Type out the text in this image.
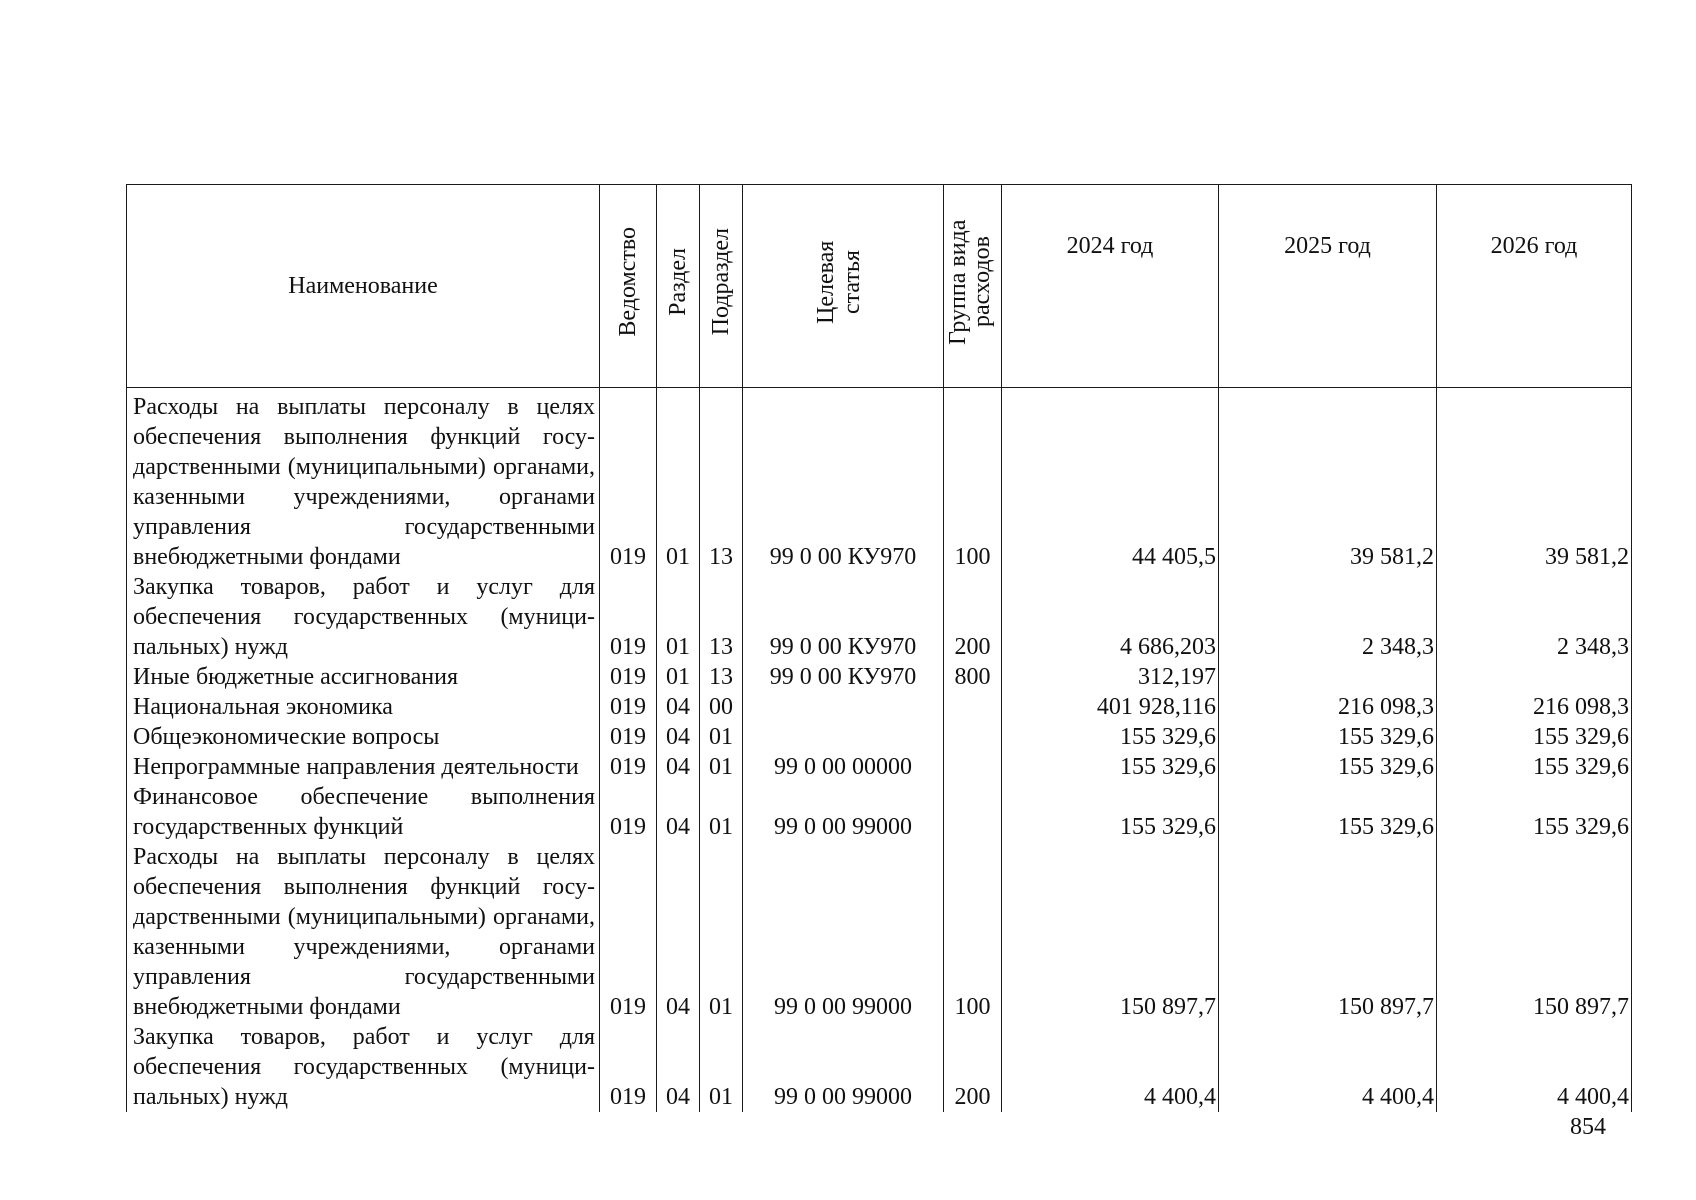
Наименование	Ведомство	Раздел	Подраздел	Целевая статья	Группа вида расходов	2024 год	2025 год	2026 год
Расходы на выплаты персоналу в целях обеспечения выполнения функций государственными (муниципальными) органами, казенными учреждениями, органами управления государственными внебюджетными фондами	019	01	13	99 0 00 КУ970	100	44 405,5	39 581,2	39 581,2
Закупка товаров, работ и услуг для обеспечения государственных (муниципальных) нужд	019	01	13	99 0 00 КУ970	200	4 686,203	2 348,3	2 348,3
Иные бюджетные ассигнования	019	01	13	99 0 00 КУ970	800	312,197		
Национальная экономика	019	04	00			401 928,116	216 098,3	216 098,3
Общеэкономические вопросы	019	04	01			155 329,6	155 329,6	155 329,6
Непрограммные направления деятельности	019	04	01	99 0 00 00000		155 329,6	155 329,6	155 329,6
Финансовое обеспечение выполнения государственных функций	019	04	01	99 0 00 99000		155 329,6	155 329,6	155 329,6
Расходы на выплаты персоналу в целях обеспечения выполнения функций государственными (муниципальными) органами, казенными учреждениями, органами управления государственными внебюджетными фондами	019	04	01	99 0 00 99000	100	150 897,7	150 897,7	150 897,7
Закупка товаров, работ и услуг для обеспечения государственных (муниципальных) нужд	019	04	01	99 0 00 99000	200	4 400,4	4 400,4	4 400,4
854
